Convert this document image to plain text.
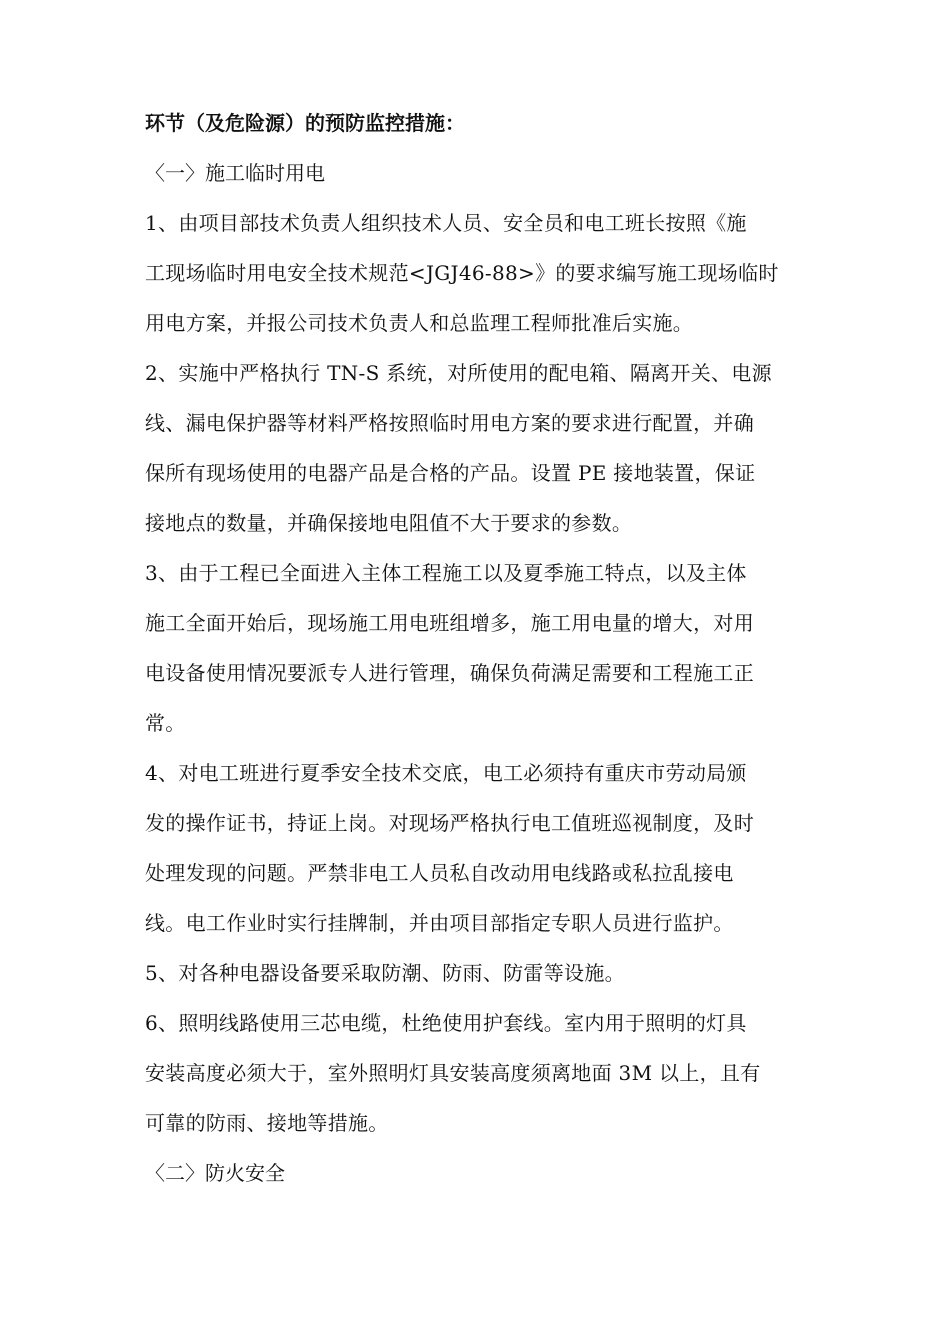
环节（及危险源）的预防监控措施：

〈一〉施工临时用电

1、由项目部技术负责人组织技术人员、安全员和电工班长按照《施
工现场临时用电安全技术规范<JGJ46-88>》的要求编写施工现场临时
用电方案，并报公司技术负责人和总监理工程师批准后实施。
2、实施中严格执行 TN-S 系统，对所使用的配电箱、隔离开关、电源
线、漏电保护器等材料严格按照临时用电方案的要求进行配置，并确
保所有现场使用的电器产品是合格的产品。设置 PE 接地装置，保证
接地点的数量，并确保接地电阻值不大于要求的参数。
3、由于工程已全面进入主体工程施工以及夏季施工特点，以及主体
施工全面开始后，现场施工用电班组增多，施工用电量的增大，对用
电设备使用情况要派专人进行管理，确保负荷满足需要和工程施工正
常。
4、对电工班进行夏季安全技术交底，电工必须持有重庆市劳动局颁
发的操作证书，持证上岗。对现场严格执行电工值班巡视制度，及时
处理发现的问题。严禁非电工人员私自改动用电线路或私拉乱接电
线。电工作业时实行挂牌制，并由项目部指定专职人员进行监护。
5、对各种电器设备要采取防潮、防雨、防雷等设施。
6、照明线路使用三芯电缆，杜绝使用护套线。室内用于照明的灯具
安装高度必须大于，室外照明灯具安装高度须离地面 3M 以上，且有
可靠的防雨、接地等措施。

〈二〉防火安全
